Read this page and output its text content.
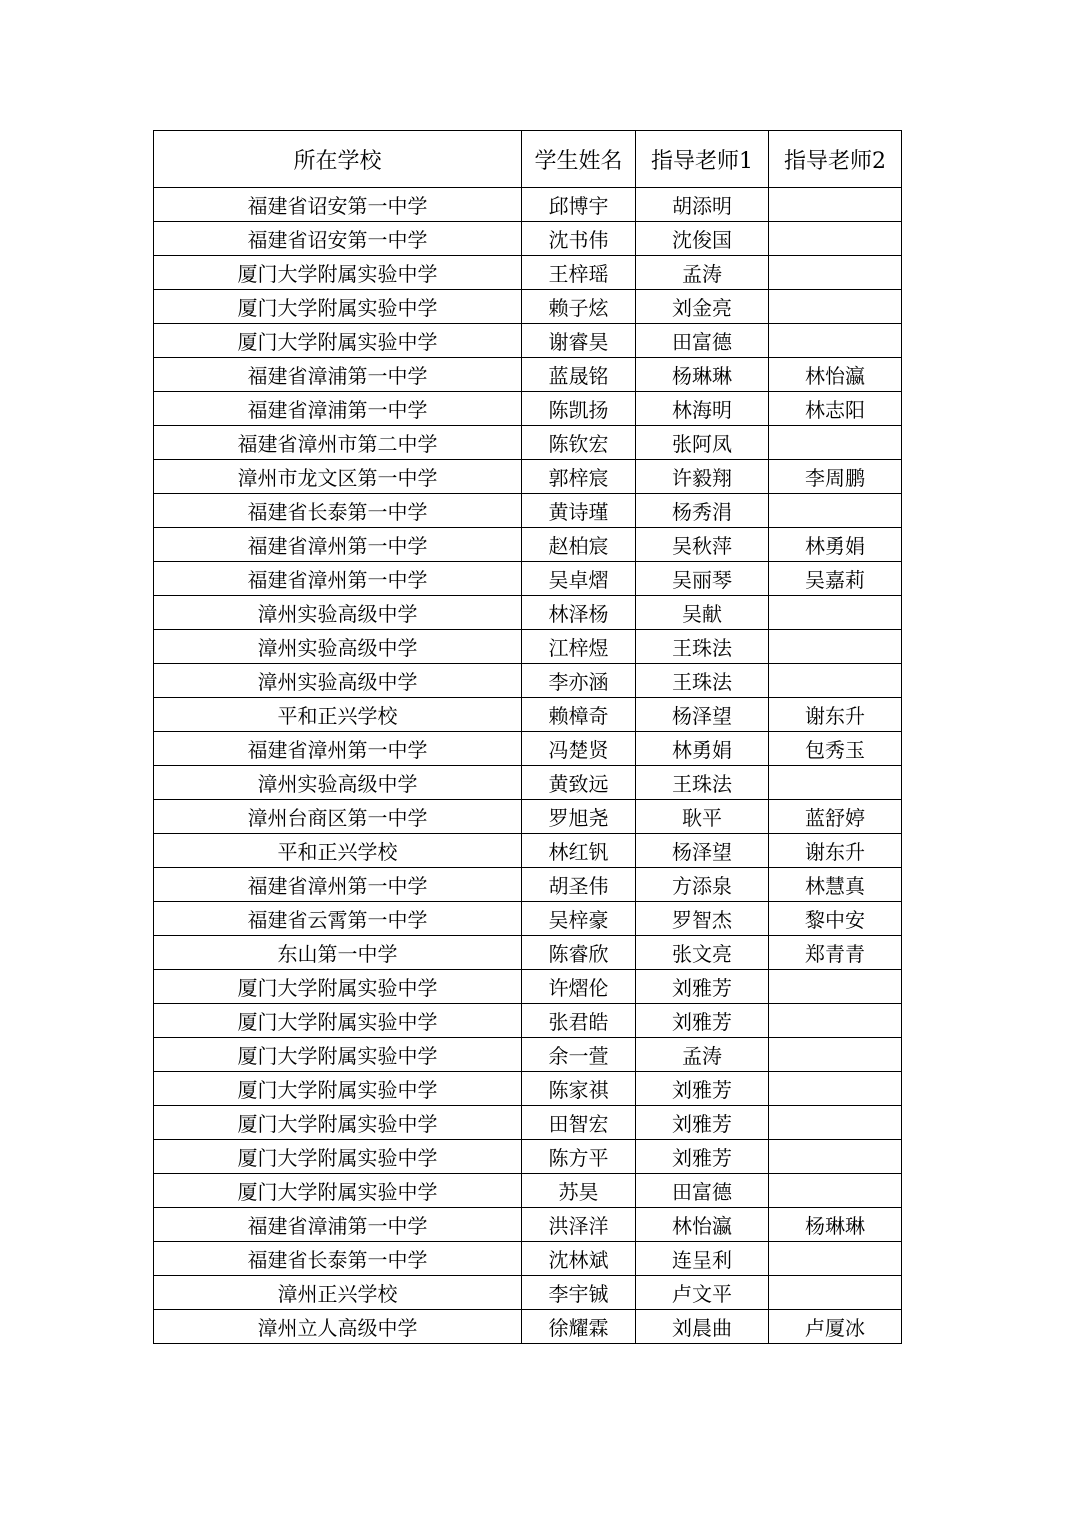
所在学校	学生姓名	指导老师1	指导老师2
福建省诏安第一中学	邱博宇	胡添明	
福建省诏安第一中学	沈书伟	沈俊国	
厦门大学附属实验中学	王梓瑶	孟涛	
厦门大学附属实验中学	赖子炫	刘金亮	
厦门大学附属实验中学	谢睿昊	田富德	
福建省漳浦第一中学	蓝晟铭	杨琳琳	林怡瀛
福建省漳浦第一中学	陈凯扬	林海明	林志阳
福建省漳州市第二中学	陈钦宏	张阿凤	
漳州市龙文区第一中学	郭梓宸	许毅翔	李周鹏
福建省长泰第一中学	黄诗瑾	杨秀涓	
福建省漳州第一中学	赵柏宸	吴秋萍	林勇娟
福建省漳州第一中学	吴卓熠	吴丽琴	吴嘉莉
漳州实验高级中学	林泽杨	吴献	
漳州实验高级中学	江梓煜	王珠法	
漳州实验高级中学	李亦涵	王珠法	
平和正兴学校	赖樟奇	杨泽望	谢东升
福建省漳州第一中学	冯楚贤	林勇娟	包秀玉
漳州实验高级中学	黄致远	王珠法	
漳州台商区第一中学	罗旭尧	耿平	蓝舒婷
平和正兴学校	林红钒	杨泽望	谢东升
福建省漳州第一中学	胡圣伟	方添泉	林慧真
福建省云霄第一中学	吴梓豪	罗智杰	黎中安
东山第一中学	陈睿欣	张文亮	郑青青
厦门大学附属实验中学	许熠伦	刘雅芳	
厦门大学附属实验中学	张君皓	刘雅芳	
厦门大学附属实验中学	余一萱	孟涛	
厦门大学附属实验中学	陈家祺	刘雅芳	
厦门大学附属实验中学	田智宏	刘雅芳	
厦门大学附属实验中学	陈方平	刘雅芳	
厦门大学附属实验中学	苏昊	田富德	
福建省漳浦第一中学	洪泽洋	林怡瀛	杨琳琳
福建省长泰第一中学	沈林斌	连呈利	
漳州正兴学校	李宇铖	卢文平	
漳州立人高级中学	徐耀霖	刘晨曲	卢厦冰
